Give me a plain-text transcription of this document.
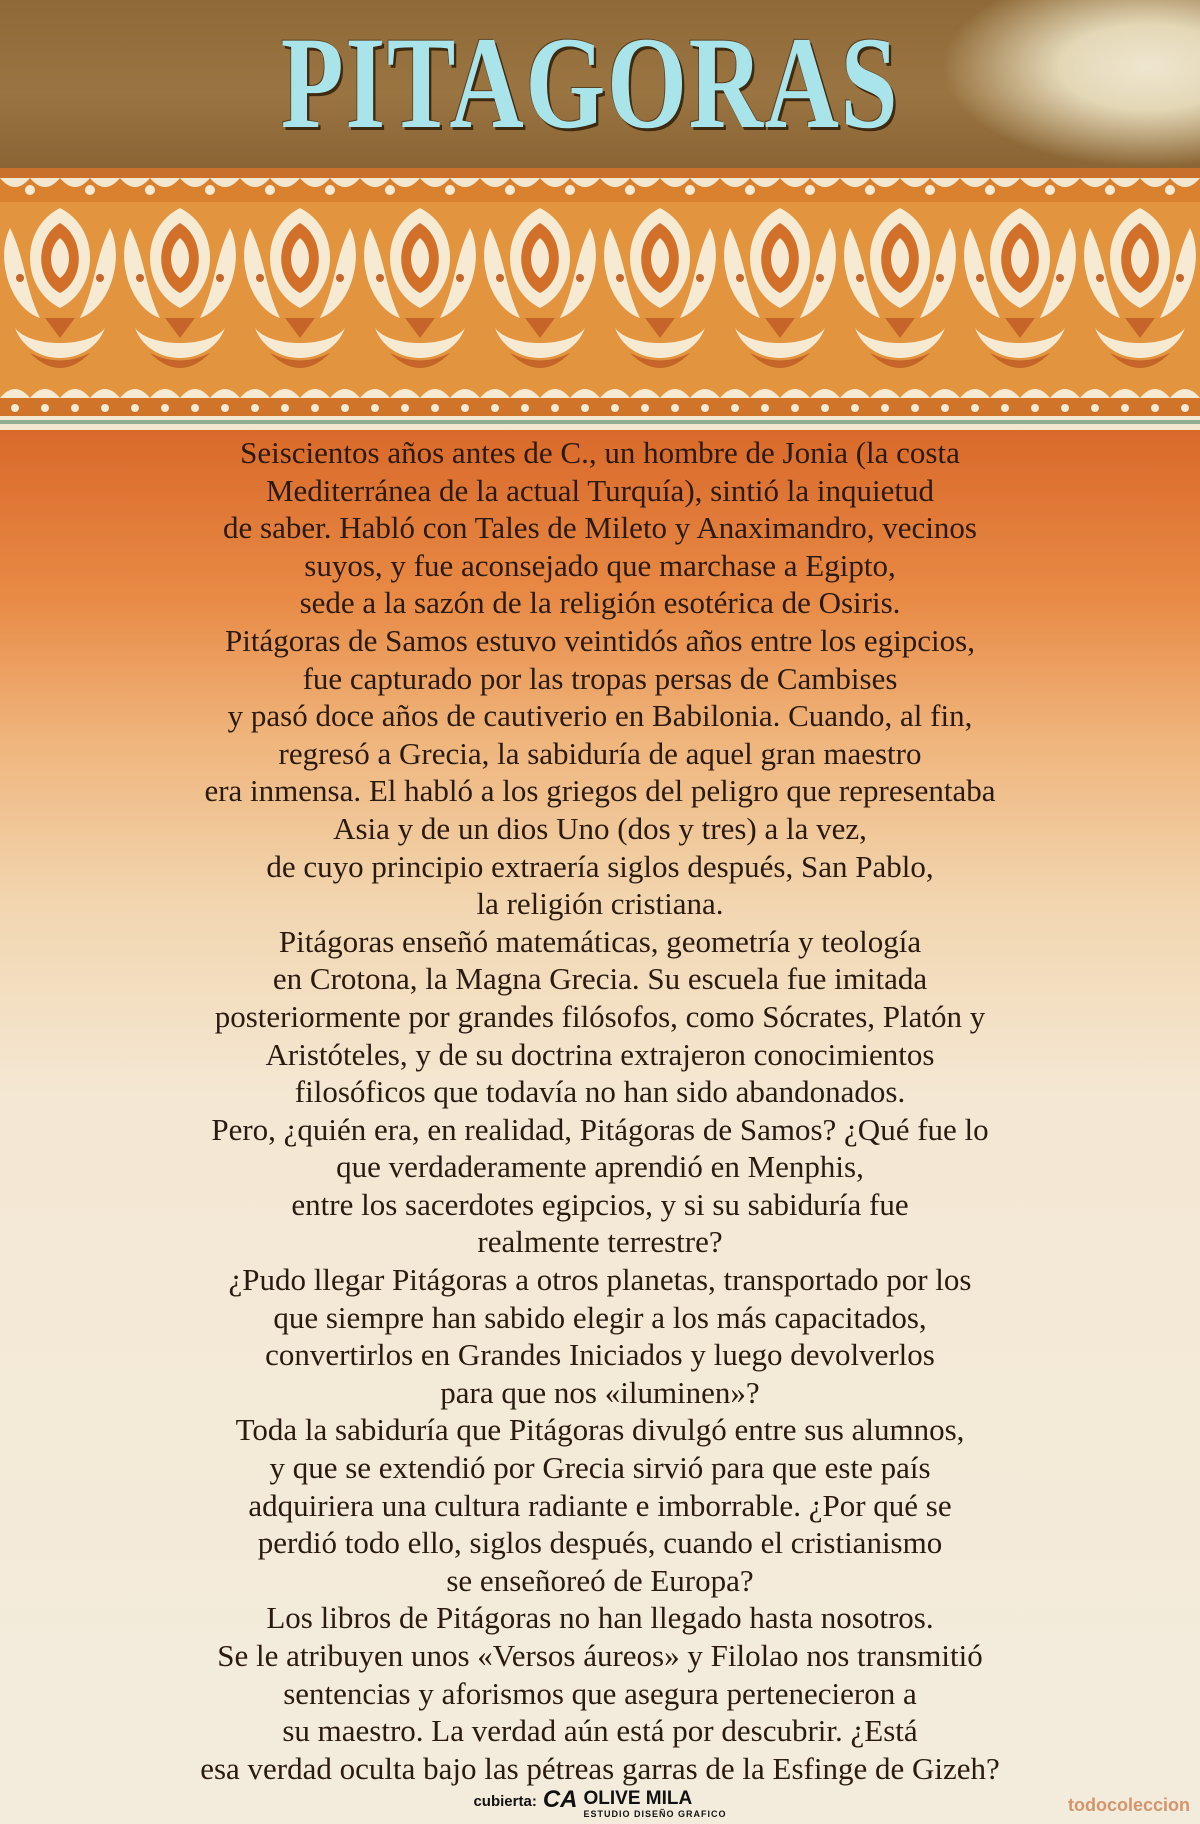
PITAGORAS
Seiscientos años antes de C., un hombre de Jonia (la costa
Mediterránea de la actual Turquía), sintió la inquietud
de saber. Habló con Tales de Mileto y Anaximandro, vecinos
suyos, y fue aconsejado que marchase a Egipto,
sede a la sazón de la religión esotérica de Osiris.
Pitágoras de Samos estuvo veintidós años entre los egipcios,
fue capturado por las tropas persas de Cambises
y pasó doce años de cautiverio en Babilonia. Cuando, al fin,
regresó a Grecia, la sabiduría de aquel gran maestro
era inmensa. El habló a los griegos del peligro que representaba
Asia y de un dios Uno (dos y tres) a la vez,
de cuyo principio extraería siglos después, San Pablo,
la religión cristiana.
Pitágoras enseñó matemáticas, geometría y teología
en Crotona, la Magna Grecia. Su escuela fue imitada
posteriormente por grandes filósofos, como Sócrates, Platón y
Aristóteles, y de su doctrina extrajeron conocimientos
filosóficos que todavía no han sido abandonados.
Pero, ¿quién era, en realidad, Pitágoras de Samos? ¿Qué fue lo
que verdaderamente aprendió en Menphis,
entre los sacerdotes egipcios, y si su sabiduría fue
realmente terrestre?
¿Pudo llegar Pitágoras a otros planetas, transportado por los
que siempre han sabido elegir a los más capacitados,
convertirlos en Grandes Iniciados y luego devolverlos
para que nos «iluminen»?
Toda la sabiduría que Pitágoras divulgó entre sus alumnos,
y que se extendió por Grecia sirvió para que este país
adquiriera una cultura radiante e imborrable. ¿Por qué se
perdió todo ello, siglos después, cuando el cristianismo
se enseñoreó de Europa?
Los libros de Pitágoras no han llegado hasta nosotros.
Se le atribuyen unos «Versos áureos» y Filolao nos transmitió
sentencias y aforismos que asegura pertenecieron a
su maestro. La verdad aún está por descubrir. ¿Está
esa verdad oculta bajo las pétreas garras de la Esfinge de Gizeh?
cubierta: CA OLIVE MILA
ESTUDIO DISEÑO GRAFICO	todocoleccion
